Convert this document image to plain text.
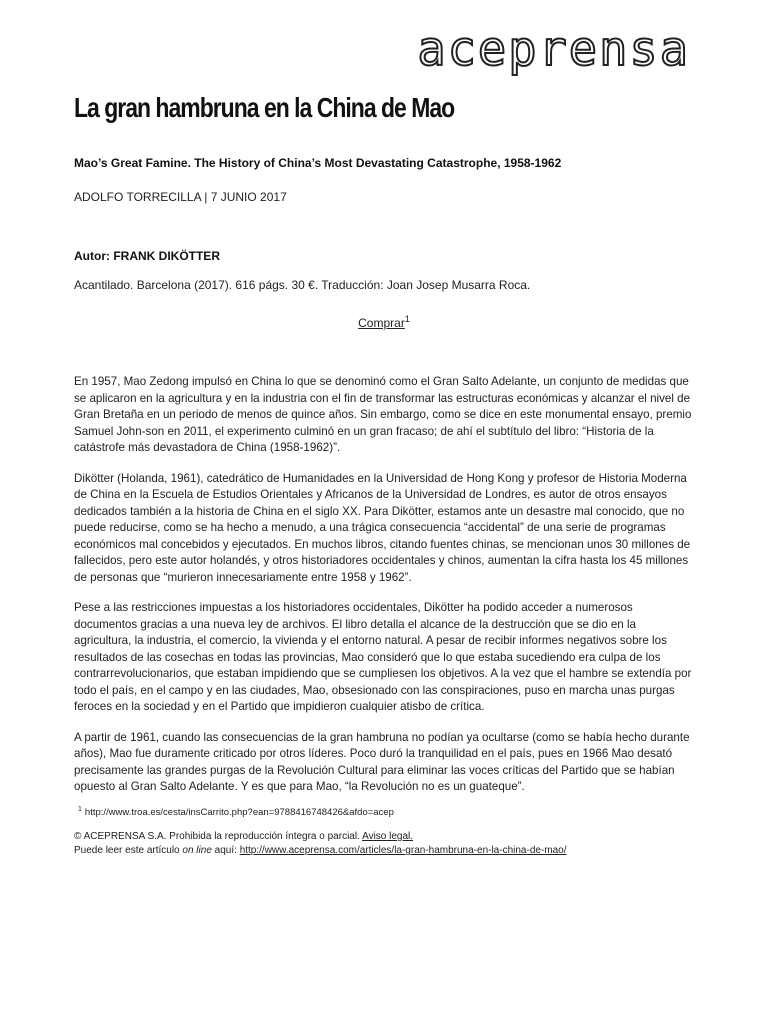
aceprensa
La gran hambruna en la China de Mao
Mao’s Great Famine. The History of China’s Most Devastating Catastrophe, 1958-1962
ADOLFO TORRECILLA | 7 JUNIO 2017
Autor: FRANK DIKÖTTER
Acantilado. Barcelona (2017). 616 págs. 30 €. Traducción: Joan Josep Musarra Roca.
Comprar$^1$

En 1957, Mao Zedong impulsó en China lo que se denominó como el Gran Salto Adelante, un conjunto de medidas que se aplicaron en la agricultura y en la industria con el fin de transformar las estructuras económicas y alcanzar el nivel de Gran Bretaña en un periodo de menos de quince años. Sin embargo, como se dice en este monumental ensayo, premio Samuel John-son en 2011, el experimento culminó en un gran fracaso; de ahí el subtítulo del libro: “Historia de la catástrofe más devastadora de China (1958-1962)”.

Dikötter (Holanda, 1961), catedrático de Humanidades en la Universidad de Hong Kong y profesor de Historia Moderna de China en la Escuela de Estudios Orientales y Africanos de la Universidad de Londres, es autor de otros ensayos dedicados también a la historia de China en el siglo XX. Para Dikötter, estamos ante un desastre mal conocido, que no puede reducirse, como se ha hecho a menudo, a una trágica consecuencia “accidental” de una serie de programas económicos mal concebidos y ejecutados. En muchos libros, citando fuentes chinas, se mencionan unos 30 millones de fallecidos, pero este autor holandés, y otros historiadores occidentales y chinos, aumentan la cifra hasta los 45 millones de personas que “murieron innecesariamente entre 1958 y 1962”.

Pese a las restricciones impuestas a los historiadores occidentales, Dikötter ha podido acceder a numerosos documentos gracias a una nueva ley de archivos. El libro detalla el alcance de la destrucción que se dio en la agricultura, la industria, el comercio, la vivienda y el entorno natural. A pesar de recibir informes negativos sobre los resultados de las cosechas en todas las provincias, Mao consideró que lo que estaba sucediendo era culpa de los contrarrevolucionarios, que estaban impidiendo que se cumpliesen los objetivos. A la vez que el hambre se extendía por todo el país, en el campo y en las ciudades, Mao, obsesionado con las conspiraciones, puso en marcha unas purgas feroces en la sociedad y en el Partido que impidieron cualquier atisbo de crítica.

A partir de 1961, cuando las consecuencias de la gran hambruna no podían ya ocultarse (como se había hecho durante años), Mao fue duramente criticado por otros líderes. Poco duró la tranquilidad en el país, pues en 1966 Mao desató precisamente las grandes purgas de la Revolución Cultural para eliminar las voces críticas del Partido que se habían opuesto al Gran Salto Adelante. Y es que para Mao, “la Revolución no es un guateque”.

$^1$ http://www.troa.es/cesta/insCarrito.php?ean=9788416748426&afdo=acep
© ACEPRENSA S.A. Prohibida la reproducción íntegra o parcial. Aviso legal.
Puede leer este artículo on line aquí: http://www.aceprensa.com/articles/la-gran-hambruna-en-la-china-de-mao/
